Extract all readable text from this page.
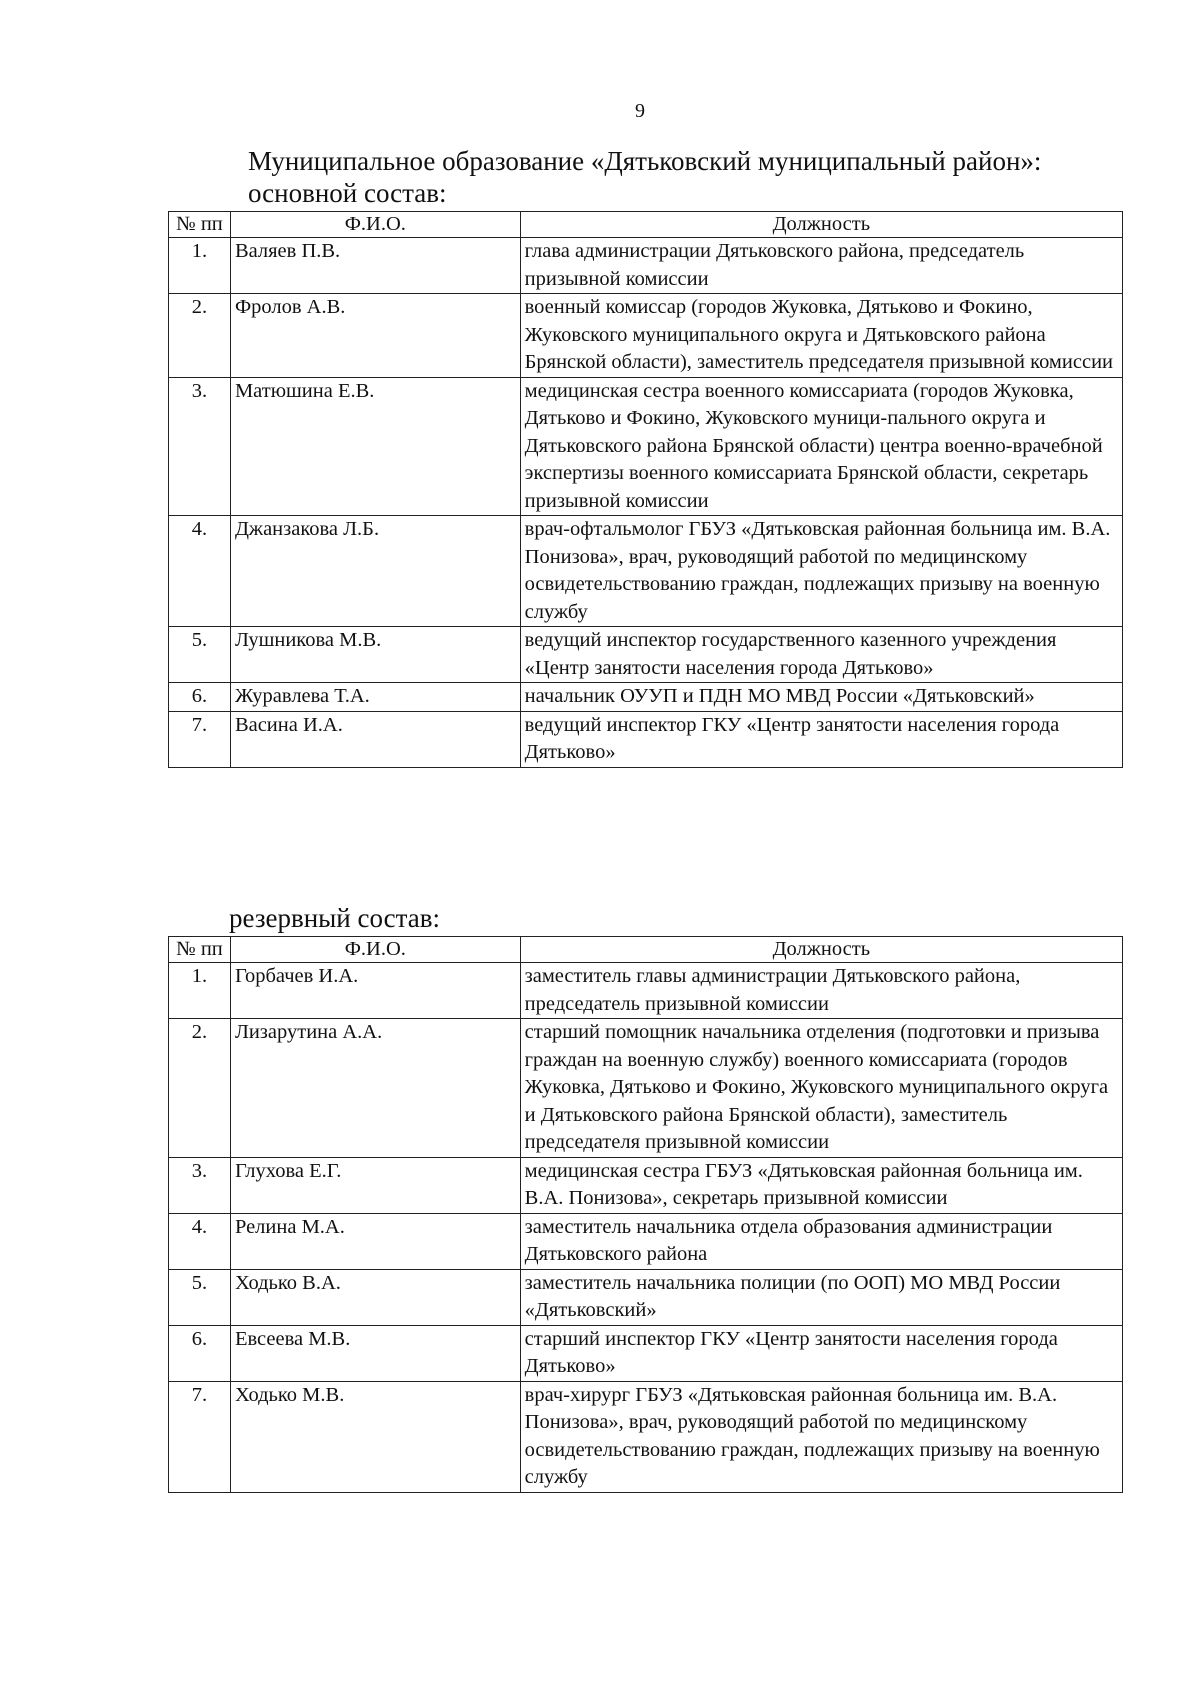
9
Муниципальное образование «Дятьковский муниципальный район»:
основной состав:
№ пп	Ф.И.О.	Должность
1.	Валяев П.В.	глава администрации Дятьковского района, председатель призывной комиссии
2.	Фролов А.В.	военный комиссар (городов Жуковка, Дятьково и Фокино, Жуковского муниципального округа и Дятьковского района Брянской области), заместитель председателя призывной комиссии
3.	Матюшина Е.В.	медицинская сестра военного комиссариата (городов Жуковка, Дятьково и Фокино, Жуковского муници-пального округа и Дятьковского района Брянской области) центра военно-врачебной экспертизы военного комиссариата Брянской области, секретарь призывной комиссии
4.	Джанзакова Л.Б.	врач-офтальмолог ГБУЗ «Дятьковская районная больница им. В.А. Понизова», врач, руководящий работой по медицинскому освидетельствованию граждан, подлежащих призыву на военную службу
5.	Лушникова М.В.	ведущий инспектор государственного казенного учреждения «Центр занятости населения города Дятьково»
6.	Журавлева Т.А.	начальник ОУУП и ПДН МО МВД России «Дятьковский»
7.	Васина И.А.	ведущий инспектор ГКУ «Центр занятости населения города Дятьково»
резервный состав:
№ пп	Ф.И.О.	Должность
1.	Горбачев И.А.	заместитель главы администрации Дятьковского района, председатель призывной комиссии
2.	Лизарутина А.А.	старший помощник начальника отделения (подготовки и призыва граждан на военную службу) военного комиссариата (городов Жуковка, Дятьково и Фокино, Жуковского муниципального округа и Дятьковского района Брянской области), заместитель председателя призывной комиссии
3.	Глухова Е.Г.	медицинская сестра ГБУЗ «Дятьковская районная больница им. В.А. Понизова», секретарь призывной комиссии
4.	Релина М.А.	заместитель начальника отдела образования администрации Дятьковского района
5.	Ходько В.А.	заместитель начальника полиции (по ООП) МО МВД России «Дятьковский»
6.	Евсеева М.В.	старший инспектор ГКУ «Центр занятости населения города Дятьково»
7.	Ходько М.В.	врач-хирург ГБУЗ «Дятьковская районная больница им. В.А. Понизова», врач, руководящий работой по медицинскому освидетельствованию граждан, подлежащих призыву на военную службу
